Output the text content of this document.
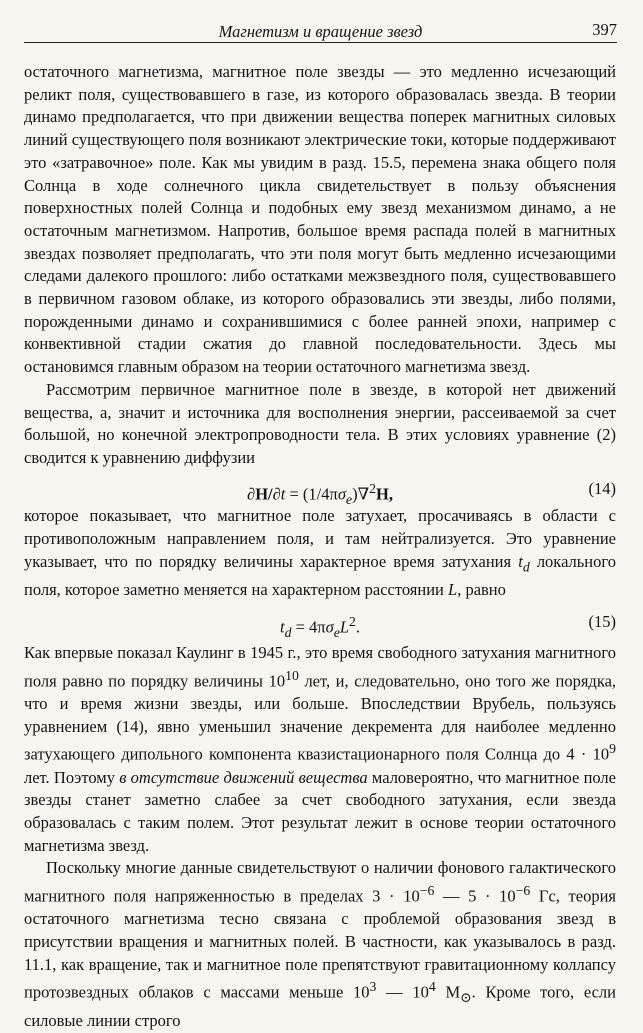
Магнетизм и вращение звезд	397

остаточного магнетизма, магнитное поле звезды — это медленно исчезающий реликт поля, существовавшего в газе, из которого образовалась звезда. В теории динамо предполагается, что при движении вещества поперек магнитных силовых линий существующего поля возникают электрические токи, которые поддерживают это «затравочное» поле. Как мы увидим в разд. 15.5, перемена знака общего поля Солнца в ходе солнечного цикла свидетельствует в пользу объяснения поверхностных полей Солнца и подобных ему звезд механизмом динамо, а не остаточным магнетизмом. Напротив, большое время распада полей в магнитных звездах позволяет предполагать, что эти поля могут быть медленно исчезающими следами далекого прошлого: либо остатками межзвездного поля, существовавшего в первичном газовом облаке, из которого образовались эти звезды, либо полями, порожденными динамо и сохранившимися с более ранней эпохи, например с конвективной стадии сжатия до главной последовательности. Здесь мы остановимся главным образом на теории остаточного магнетизма звезд.

Рассмотрим первичное магнитное поле в звезде, в которой нет движений вещества, а, значит и источника для восполнения энергии, рассеиваемой за счет большой, но конечной электропроводности тела. В этих условиях уравнение (2) сводится к уравнению диффузии

$\partial H/\partial t = (1/4\pi\sigma_e)\nabla^2H$,	(14)

которое показывает, что магнитное поле затухает, просачиваясь в области с противоположным направлением поля, и там нейтрализуется. Это уравнение указывает, что по порядку величины характерное время затухания $t_d$ локального поля, которое заметно меняется на характерном расстоянии L, равно

$t_d = 4\pi\sigma_eL^2$.	(15)

Как впервые показал Каулинг в 1945 г., это время свободного затухания магнитного поля равно по порядку величины $10^{10}$ лет, и, следовательно, оно того же порядка, что и время жизни звезды, или больше. Впоследствии Врубель, пользуясь уравнением (14), явно уменьшил значение декремента для наиболее медленно затухающего дипольного компонента квазистационарного поля Солнца до $4 \cdot 10^9$ лет. Поэтому в отсутствие движений вещества маловероятно, что магнитное поле звезды станет заметно слабее за счет свободного затухания, если звезда образовалась с таким полем. Этот результат лежит в основе теории остаточного магнетизма звезд.

Поскольку многие данные свидетельствуют о наличии фонового галактического магнитного поля напряженностью в пределах $3 \cdot 10^{-6}$ — $5 \cdot 10^{-6}$ Гс, теория остаточного магнетизма тесно связана с проблемой образования звезд в присутствии вращения и магнитных полей. В частности, как указывалось в разд. 11.1, как вращение, так и магнитное поле препятствуют гравитационному коллапсу протозвездных облаков с массами меньше $10^3$ — $10^4$ $M_⊙$. Кроме того, если силовые линии строго
